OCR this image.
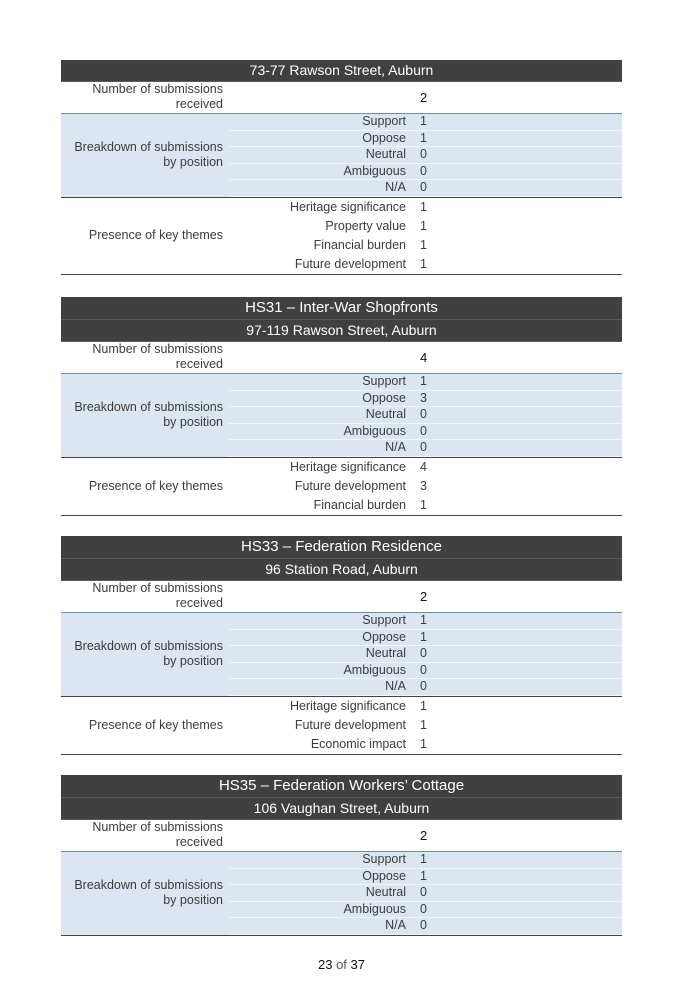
73-77 Rawson Street, Auburn
Number of submissions received	2
Breakdown of submissions by position
Support	1
Oppose	1
Neutral	0
Ambiguous	0
N/A	0
Presence of key themes
Heritage significance	1
Property value	1
Financial burden	1
Future development	1
HS31 – Inter-War Shopfronts
97-119 Rawson Street, Auburn
Number of submissions received	4
Breakdown of submissions by position
Support	1
Oppose	3
Neutral	0
Ambiguous	0
N/A	0
Presence of key themes
Heritage significance	4
Future development	3
Financial burden	1
HS33 – Federation Residence
96 Station Road, Auburn
Number of submissions received	2
Breakdown of submissions by position
Support	1
Oppose	1
Neutral	0
Ambiguous	0
N/A	0
Presence of key themes
Heritage significance	1
Future development	1
Economic impact	1
HS35 – Federation Workers’ Cottage
106 Vaughan Street, Auburn
Number of submissions received	2
Breakdown of submissions by position
Support	1
Oppose	1
Neutral	0
Ambiguous	0
N/A	0
23 of 37
